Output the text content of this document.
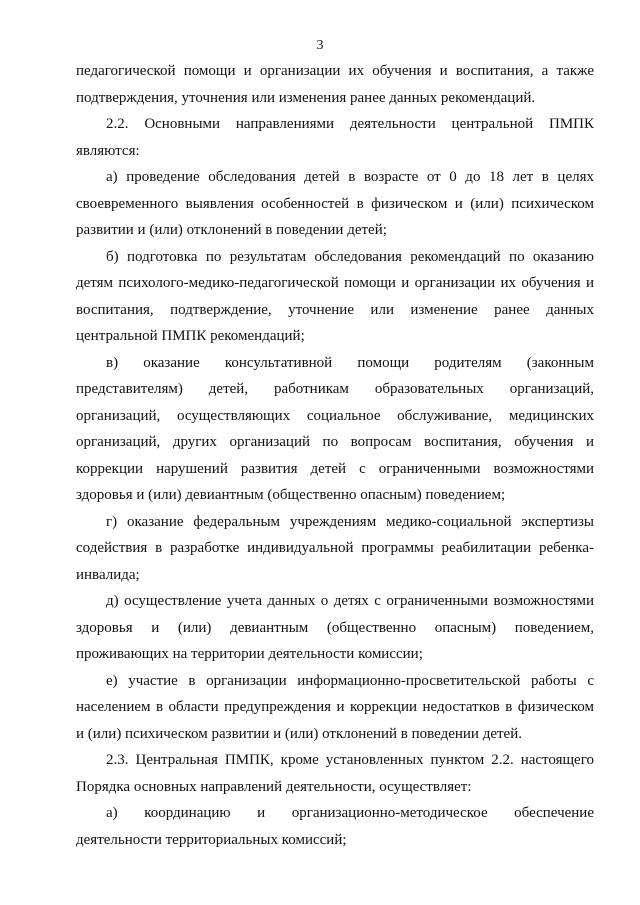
3
педагогической помощи и организации их обучения и воспитания, а также
подтверждения, уточнения или изменения ранее данных рекомендаций.
2.2. Основными направлениями деятельности центральной ПМПК
являются:
а) проведение обследования детей в возрасте от 0 до 18 лет в целях
своевременного выявления особенностей в физическом и (или) психическом
развитии и (или) отклонений в поведении детей;
б) подготовка по результатам обследования рекомендаций по оказанию
детям психолого-медико-педагогической помощи и организации их обучения и
воспитания, подтверждение, уточнение или изменение ранее данных
центральной ПМПК рекомендаций;
в) оказание консультативной помощи родителям (законным
представителям) детей, работникам образовательных организаций,
организаций, осуществляющих социальное обслуживание, медицинских
организаций, других организаций по вопросам воспитания, обучения и
коррекции нарушений развития детей с ограниченными возможностями
здоровья и (или) девиантным (общественно опасным) поведением;
г) оказание федеральным учреждениям медико-социальной экспертизы
содействия в разработке индивидуальной программы реабилитации ребенка-
инвалида;
д) осуществление учета данных о детях с ограниченными возможностями
здоровья и (или) девиантным (общественно опасным) поведением,
проживающих на территории деятельности комиссии;
е) участие в организации информационно-просветительской работы с
населением в области предупреждения и коррекции недостатков в физическом
и (или) психическом развитии и (или) отклонений в поведении детей.
2.3. Центральная ПМПК, кроме установленных пунктом 2.2. настоящего
Порядка основных направлений деятельности, осуществляет:
а) координацию и организационно-методическое обеспечение
деятельности территориальных комиссий;
